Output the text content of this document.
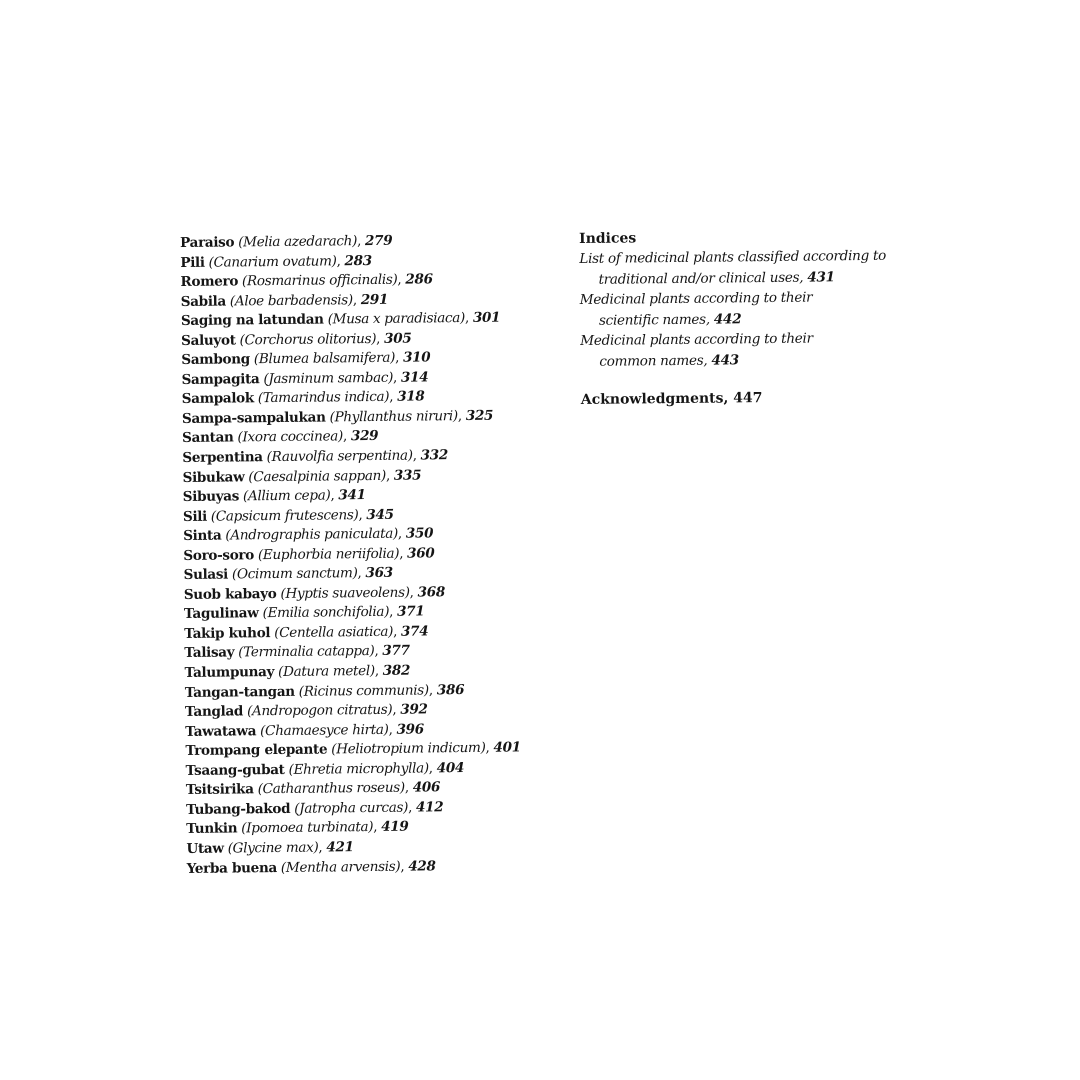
Paraiso (Melia azedarach), 279
Pili (Canarium ovatum), 283
Romero (Rosmarinus officinalis), 286
Sabila (Aloe barbadensis), 291
Saging na latundan (Musa x paradisiaca), 301
Saluyot (Corchorus olitorius), 305
Sambong (Blumea balsamifera), 310
Sampagita (Jasminum sambac), 314
Sampalok (Tamarindus indica), 318
Sampa-sampalukan (Phyllanthus niruri), 325
Santan (Ixora coccinea), 329
Serpentina (Rauvolfia serpentina), 332
Sibukaw (Caesalpinia sappan), 335
Sibuyas (Allium cepa), 341
Sili (Capsicum frutescens), 345
Sinta (Andrographis paniculata), 350
Soro-soro (Euphorbia neriifolia), 360
Sulasi (Ocimum sanctum), 363
Suob kabayo (Hyptis suaveolens), 368
Tagulinaw (Emilia sonchifolia), 371
Takip kuhol (Centella asiatica), 374
Talisay (Terminalia catappa), 377
Talumpunay (Datura metel), 382
Tangan-tangan (Ricinus communis), 386
Tanglad (Andropogon citratus), 392
Tawatawa (Chamaesyce hirta), 396
Trompang elepante (Heliotropium indicum), 401
Tsaang-gubat (Ehretia microphylla), 404
Tsitsirika (Catharanthus roseus), 406
Tubang-bakod (Jatropha curcas), 412
Tunkin (Ipomoea turbinata), 419
Utaw (Glycine max), 421
Yerba buena (Mentha arvensis), 428
Indices
List of medicinal plants classified according to
traditional and/or clinical uses, 431
Medicinal plants according to their
scientific names, 442
Medicinal plants according to their
common names, 443
Acknowledgments, 447
